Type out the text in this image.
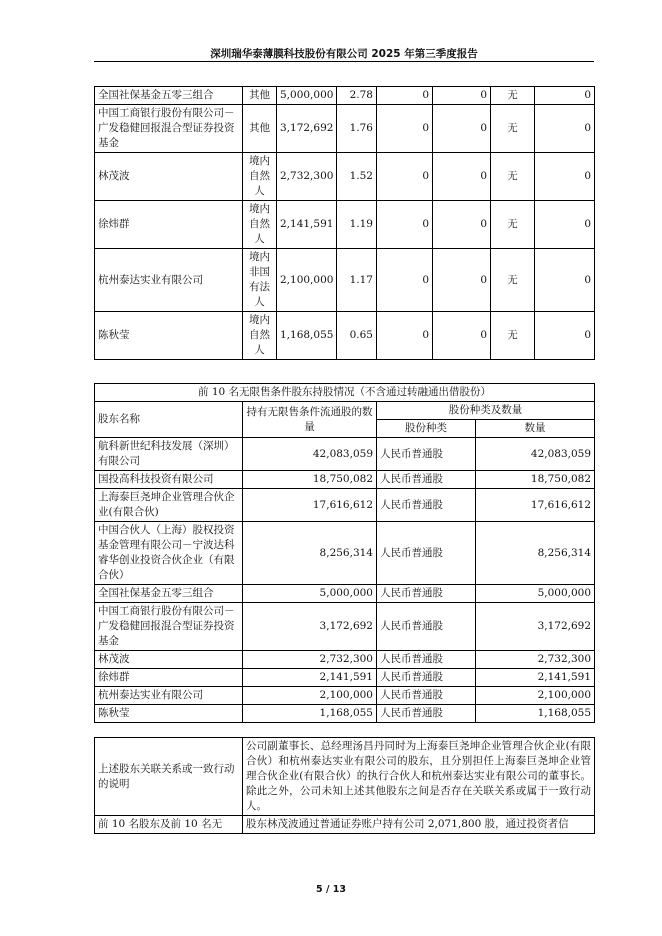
深圳瑞华泰薄膜科技股份有限公司 2025 年第三季度报告
全国社保基金五零三组合	其他	5,000,000	2.78	0	0	无	0
中国工商银行股份有限公司－广发稳健回报混合型证券投资基金	其他	3,172,692	1.76	0	0	无	0
林茂波	境内自然人	2,732,300	1.52	0	0	无	0
徐炜群	境内自然人	2,141,591	1.19	0	0	无	0
杭州泰达实业有限公司	境内非国有法人	2,100,000	1.17	0	0	无	0
陈秋莹	境内自然人	1,168,055	0.65	0	0	无	0
前 10 名无限售条件股东持股情况（不含通过转融通出借股份）			
股东名称	持有无限售条件流通股的数量	股份种类及数量	
		股份种类	数量
航科新世纪科技发展（深圳）有限公司	42,083,059	人民币普通股	42,083,059
国投高科技投资有限公司	18,750,082	人民币普通股	18,750,082
上海泰巨尧坤企业管理合伙企业(有限合伙)	17,616,612	人民币普通股	17,616,612
中国合伙人（上海）股权投资基金管理有限公司－宁波达科睿华创业投资合伙企业（有限合伙）	8,256,314	人民币普通股	8,256,314
全国社保基金五零三组合	5,000,000	人民币普通股	5,000,000
中国工商银行股份有限公司－广发稳健回报混合型证券投资基金	3,172,692	人民币普通股	3,172,692
林茂波	2,732,300	人民币普通股	2,732,300
徐炜群	2,141,591	人民币普通股	2,141,591
杭州泰达实业有限公司	2,100,000	人民币普通股	2,100,000
陈秋莹	1,168,055	人民币普通股	1,168,055
上述股东关联关系或一致行动的说明	公司副董事长、总经理汤昌丹同时为上海泰巨尧坤企业管理合伙企业(有限合伙）和杭州泰达实业有限公司的股东，且分别担任上海泰巨尧坤企业管理合伙企业(有限合伙）的执行合伙人和杭州泰达实业有限公司的董事长。除此之外，公司未知上述其他股东之间是否存在关联关系或属于一致行动人。
前 10 名股东及前 10 名无	股东林茂波通过普通证券账户持有公司 2,071,800 股，通过投资者信
5 / 13
